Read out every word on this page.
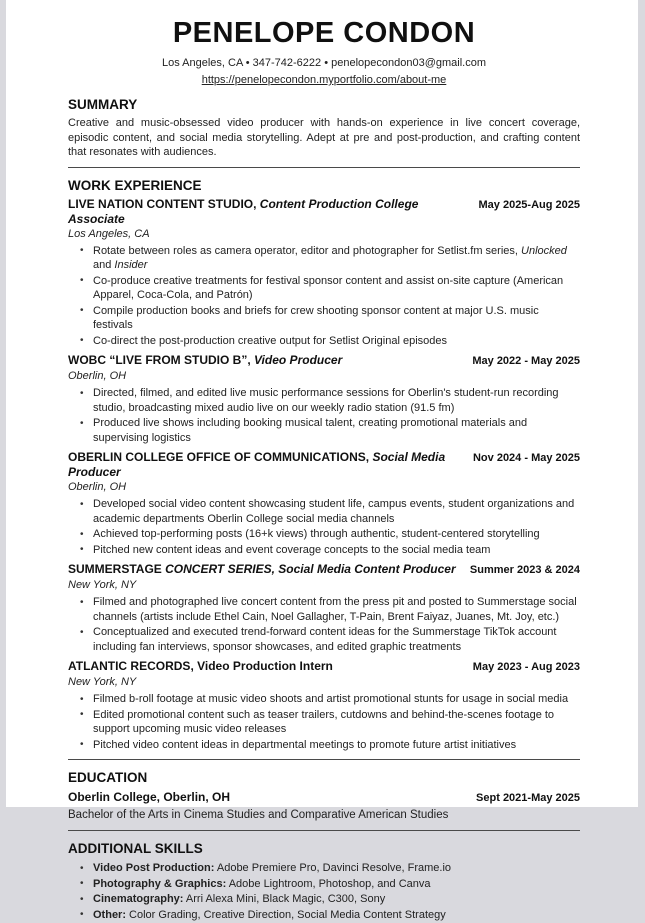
PENELOPE CONDON
Los Angeles, CA • 347-742-6222 • penelopecondon03@gmail.com
https://penelopecondon.myportfolio.com/about-me
SUMMARY

Creative and music-obsessed video producer with hands-on experience in live concert coverage, episodic content, and social media storytelling. Adept at pre and post-production, and crafting content that resonates with audiences.

WORK EXPERIENCE
LIVE NATION CONTENT STUDIO, Content Production College Associate
May 2025-Aug 2025
Los Angeles, CA
• Rotate between roles as camera operator, editor and photographer for Setlist.fm series, Unlocked and Insider
• Co-produce creative treatments for festival sponsor content and assist on-site capture (American Apparel, Coca-Cola, and Patrón)
• Compile production books and briefs for crew shooting sponsor content at major U.S. music festivals
• Co-direct the post-production creative output for Setlist Original episodes
WOBC “LIVE FROM STUDIO B”, Video Producer	May 2022 - May 2025
Oberlin, OH
• Directed, filmed, and edited live music performance sessions for Oberlin's student-run recording studio, broadcasting mixed audio live on our weekly radio station (91.5 fm)
• Produced live shows including booking musical talent, creating promotional materials and supervising logistics
OBERLIN COLLEGE OFFICE OF COMMUNICATIONS, Social Media Producer
Nov 2024 - May 2025
Oberlin, OH
• Developed social video content showcasing student life, campus events, student organizations and academic departments Oberlin College social media channels
• Achieved top-performing posts (16+k views) through authentic, student-centered storytelling
• Pitched new content ideas and event coverage concepts to the social media team
SUMMERSTAGE CONCERT SERIES, Social Media Content Producer Summer 2023 & 2024
New York, NY
• Filmed and photographed live concert content from the press pit and posted to Summerstage social channels (artists include Ethel Cain, Noel Gallagher, T-Pain, Brent Faiyaz, Juanes, Mt. Joy, etc.)
• Conceptualized and executed trend-forward content ideas for the Summerstage TikTok account including fan interviews, sponsor showcases, and edited graphic treatments
ATLANTIC RECORDS, Video Production Intern	May 2023 - Aug 2023
New York, NY
• Filmed b-roll footage at music video shoots and artist promotional stunts for usage in social media
• Edited promotional content such as teaser trailers, cutdowns and behind-the-scenes footage to support upcoming music video releases
• Pitched video content ideas in departmental meetings to promote future artist initiatives
EDUCATION
Oberlin College, Oberlin, OH	Sept 2021-May 2025
Bachelor of the Arts in Cinema Studies and Comparative American Studies
ADDITIONAL SKILLS
• Video Post Production: Adobe Premiere Pro, Davinci Resolve, Frame.io
• Photography & Graphics: Adobe Lightroom, Photoshop, and Canva
• Cinematography: Arri Alexa Mini, Black Magic, C300, Sony
• Other: Color Grading, Creative Direction, Social Media Content Strategy
